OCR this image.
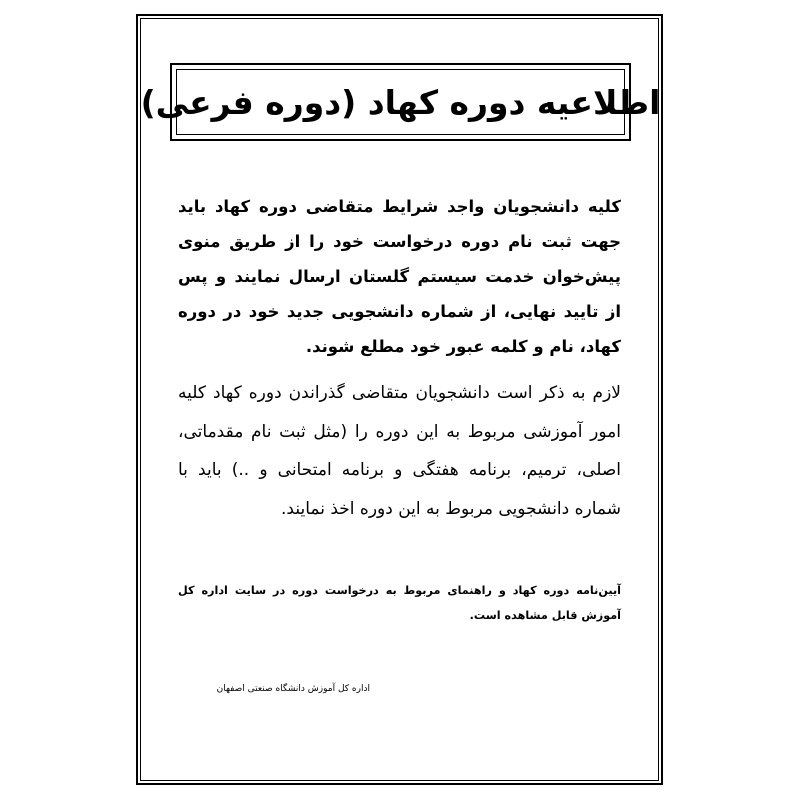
اطلاعیه دوره کهاد (دوره فرعی)
کلیه دانشجویان واجد شرایط متقاضی دوره کهاد باید جهت ثبت نام دوره درخواست خود را از طریق منوی پیش‌خوان خدمت سیستم گلستان ارسال نمایند و پس از تایید نهایی، از شماره دانشجویی جدید خود در دوره کهاد، نام و کلمه عبور خود مطلع شوند.
لازم به ذکر است دانشجویان متقاضی گذراندن دوره کهاد کلیه امور آموزشی مربوط به این دوره را (مثل ثبت نام مقدماتی، اصلی، ترمیم، برنامه هفتگی و برنامه امتحانی و ..) باید با شماره دانشجویی مربوط به این دوره اخذ نمایند.
آیین‌نامه دوره کهاد و راهنمای مربوط به درخواست دوره در سایت اداره کل آموزش قابل مشاهده است.
اداره کل آموزش دانشگاه صنعتی اصفهان
